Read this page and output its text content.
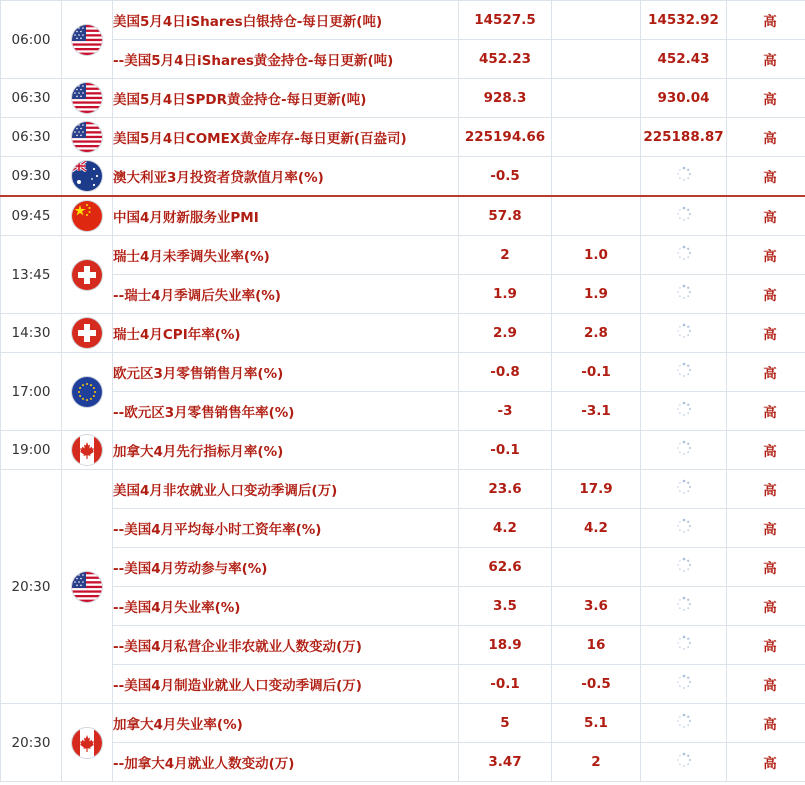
06:00		美国5月4日iShares白银持仓-每日更新(吨)	14527.5		14532.92	高
		--美国5月4日iShares黄金持仓-每日更新(吨)	452.23		452.43	高
06:30		美国5月4日SPDR黄金持仓-每日更新(吨)	928.3		930.04	高
06:30		美国5月4日COMEX黄金库存-每日更新(百盎司)	225194.66		225188.87	高
09:30		澳大利亚3月投资者贷款值月率(%)	-0.5			高
09:45		中国4月财新服务业PMI	57.8			高
13:45		瑞士4月未季调失业率(%)	2	1.0		高
		--瑞士4月季调后失业率(%)	1.9	1.9		高
14:30		瑞士4月CPI年率(%)	2.9	2.8		高
17:00		欧元区3月零售销售月率(%)	-0.8	-0.1		高
		--欧元区3月零售销售年率(%)	-3	-3.1		高
19:00		加拿大4月先行指标月率(%)	-0.1			高
20:30		美国4月非农就业人口变动季调后(万)	23.6	17.9		高
		--美国4月平均每小时工资年率(%)	4.2	4.2		高
		--美国4月劳动参与率(%)	62.6			高
		--美国4月失业率(%)	3.5	3.6		高
		--美国4月私营企业非农就业人数变动(万)	18.9	16		高
		--美国4月制造业就业人口变动季调后(万)	-0.1	-0.5		高
20:30		加拿大4月失业率(%)	5	5.1		高
		--加拿大4月就业人数变动(万)	3.47	2		高
